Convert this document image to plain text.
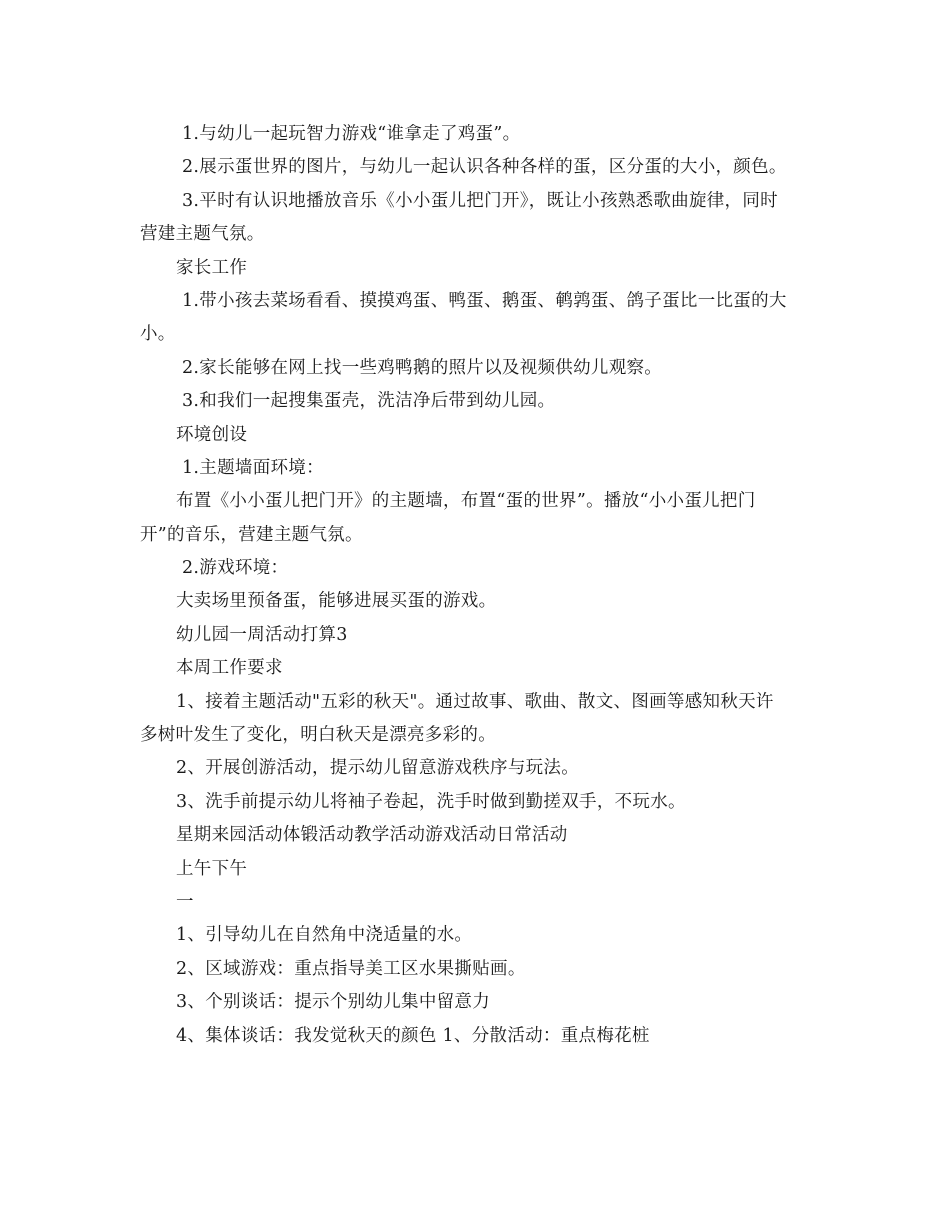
1.与幼儿一起玩智力游戏“谁拿走了鸡蛋”。
2.展示蛋世界的图片，与幼儿一起认识各种各样的蛋，区分蛋的大小，颜色。
3.平时有认识地播放音乐《小小蛋儿把门开》，既让小孩熟悉歌曲旋律，同时
营建主题气氛。
家长工作
1.带小孩去菜场看看、摸摸鸡蛋、鸭蛋、鹅蛋、鹌鹑蛋、鸽子蛋比一比蛋的大
小。
2.家长能够在网上找一些鸡鸭鹅的照片以及视频供幼儿观察。
3.和我们一起搜集蛋壳，洗洁净后带到幼儿园。
环境创设
1.主题墙面环境：
布置《小小蛋儿把门开》的主题墙，布置“蛋的世界”。播放“小小蛋儿把门
开”的音乐，营建主题气氛。
2.游戏环境：
大卖场里预备蛋，能够进展买蛋的游戏。
幼儿园一周活动打算3
本周工作要求
1、接着主题活动"五彩的秋天"。通过故事、歌曲、散文、图画等感知秋天许
多树叶发生了变化，明白秋天是漂亮多彩的。
2、开展创游活动，提示幼儿留意游戏秩序与玩法。
3、洗手前提示幼儿将袖子卷起，洗手时做到勤搓双手，不玩水。
星期来园活动体锻活动教学活动游戏活动日常活动
上午下午
一
1、引导幼儿在自然角中浇适量的水。
2、区域游戏：重点指导美工区水果撕贴画。
3、个别谈话：提示个别幼儿集中留意力
4、集体谈话：我发觉秋天的颜色 1、分散活动：重点梅花桩
